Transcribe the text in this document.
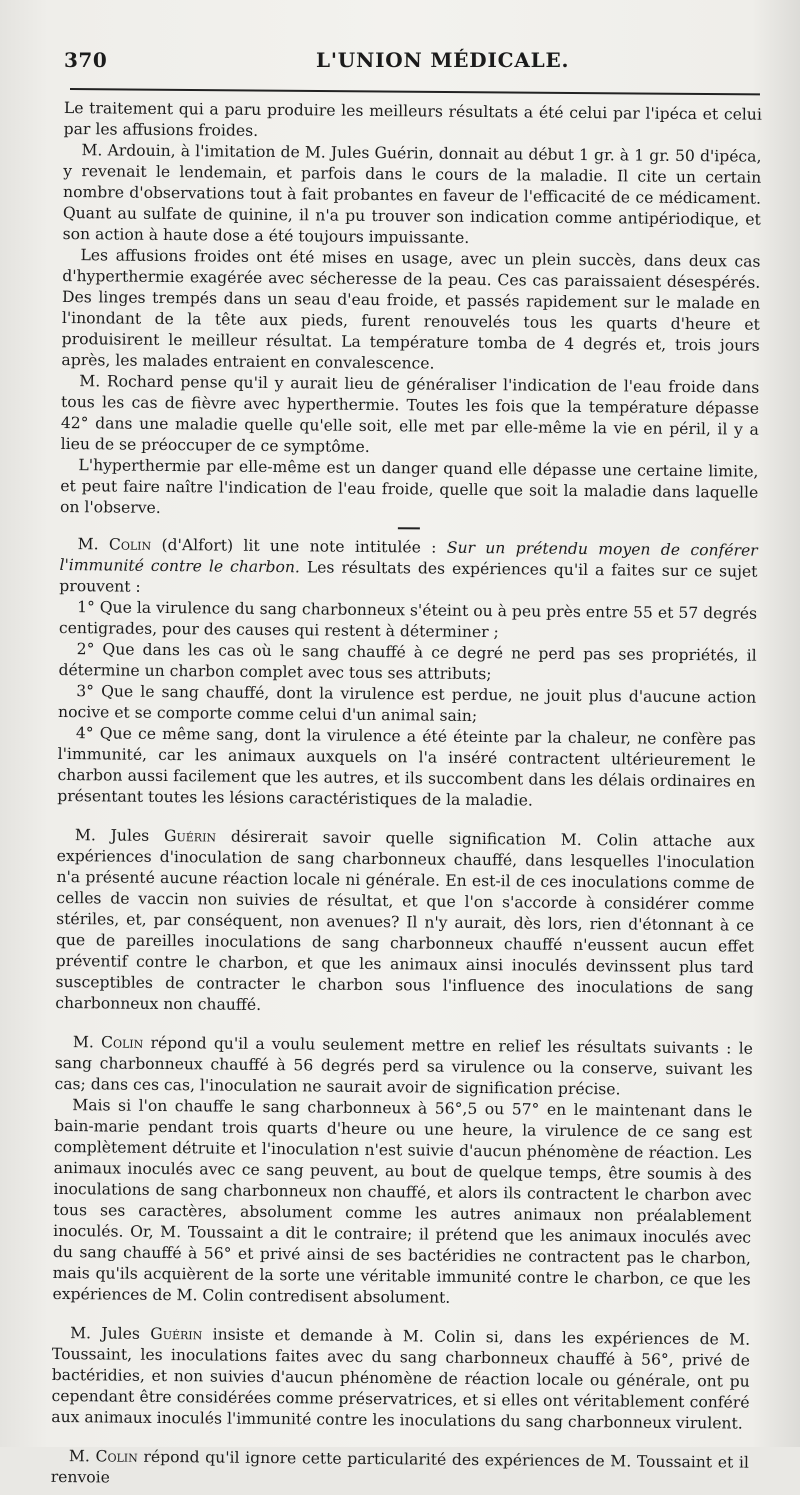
370	L'UNION MÉDICALE.

Le traitement qui a paru produire les meilleurs résultats a été celui par l'ipéca et celui par les affusions froides.

M. Ardouin, à l'imitation de M. Jules Guérin, donnait au début 1 gr. à 1 gr. 50 d'ipéca, y revenait le lendemain, et parfois dans le cours de la maladie. Il cite un certain nombre d'observations tout à fait probantes en faveur de l'efficacité de ce médicament. Quant au sulfate de quinine, il n'a pu trouver son indication comme antipériodique, et son action à haute dose a été toujours impuissante.

Les affusions froides ont été mises en usage, avec un plein succès, dans deux cas d'hyperthermie exagérée avec sécheresse de la peau. Ces cas paraissaient désespérés. Des linges trempés dans un seau d'eau froide, et passés rapidement sur le malade en l'inondant de la tête aux pieds, furent renouvelés tous les quarts d'heure et produisirent le meilleur résultat. La température tomba de 4 degrés et, trois jours après, les malades entraient en convalescence.

M. Rochard pense qu'il y aurait lieu de généraliser l'indication de l'eau froide dans tous les cas de fièvre avec hyperthermie. Toutes les fois que la température dépasse 42° dans une maladie quelle qu'elle soit, elle met par elle-même la vie en péril, il y a lieu de se préoccuper de ce symptôme.

L'hyperthermie par elle-même est un danger quand elle dépasse une certaine limite, et peut faire naître l'indication de l'eau froide, quelle que soit la maladie dans laquelle on l'observe.

M. Colin (d'Alfort) lit une note intitulée : Sur un prétendu moyen de conférer l'immunité contre le charbon. Les résultats des expériences qu'il a faites sur ce sujet prouvent :

1° Que la virulence du sang charbonneux s'éteint ou à peu près entre 55 et 57 degrés centigrades, pour des causes qui restent à déterminer ;

2° Que dans les cas où le sang chauffé à ce degré ne perd pas ses propriétés, il détermine un charbon complet avec tous ses attributs;

3° Que le sang chauffé, dont la virulence est perdue, ne jouit plus d'aucune action nocive et se comporte comme celui d'un animal sain;

4° Que ce même sang, dont la virulence a été éteinte par la chaleur, ne confère pas l'immunité, car les animaux auxquels on l'a inséré contractent ultérieurement le charbon aussi facilement que les autres, et ils succombent dans les délais ordinaires en présentant toutes les lésions caractéristiques de la maladie.

M. Jules Guérin désirerait savoir quelle signification M. Colin attache aux expériences d'inoculation de sang charbonneux chauffé, dans lesquelles l'inoculation n'a présenté aucune réaction locale ni générale. En est-il de ces inoculations comme de celles de vaccin non suivies de résultat, et que l'on s'accorde à considérer comme stériles, et, par conséquent, non avenues? Il n'y aurait, dès lors, rien d'étonnant à ce que de pareilles inoculations de sang charbonneux chauffé n'eussent aucun effet préventif contre le charbon, et que les animaux ainsi inoculés devinssent plus tard susceptibles de contracter le charbon sous l'influence des inoculations de sang charbonneux non chauffé.

M. Colin répond qu'il a voulu seulement mettre en relief les résultats suivants : le sang charbonneux chauffé à 56 degrés perd sa virulence ou la conserve, suivant les cas; dans ces cas, l'inoculation ne saurait avoir de signification précise.

Mais si l'on chauffe le sang charbonneux à 56°,5 ou 57° en le maintenant dans le bain-marie pendant trois quarts d'heure ou une heure, la virulence de ce sang est complètement détruite et l'inoculation n'est suivie d'aucun phénomène de réaction. Les animaux inoculés avec ce sang peuvent, au bout de quelque temps, être soumis à des inoculations de sang charbonneux non chauffé, et alors ils contractent le charbon avec tous ses caractères, absolument comme les autres animaux non préalablement inoculés. Or, M. Toussaint a dit le contraire; il prétend que les animaux inoculés avec du sang chauffé à 56° et privé ainsi de ses bactéridies ne contractent pas le charbon, mais qu'ils acquièrent de la sorte une véritable immunité contre le charbon, ce que les expériences de M. Colin contredisent absolument.

M. Jules Guérin insiste et demande à M. Colin si, dans les expériences de M. Toussaint, les inoculations faites avec du sang charbonneux chauffé à 56°, privé de bactéridies, et non suivies d'aucun phénomène de réaction locale ou générale, ont pu cependant être considérées comme préservatrices, et si elles ont véritablement conféré aux animaux inoculés l'immunité contre les inoculations du sang charbonneux virulent.

M. Colin répond qu'il ignore cette particularité des expériences de M. Toussaint et il renvoie
